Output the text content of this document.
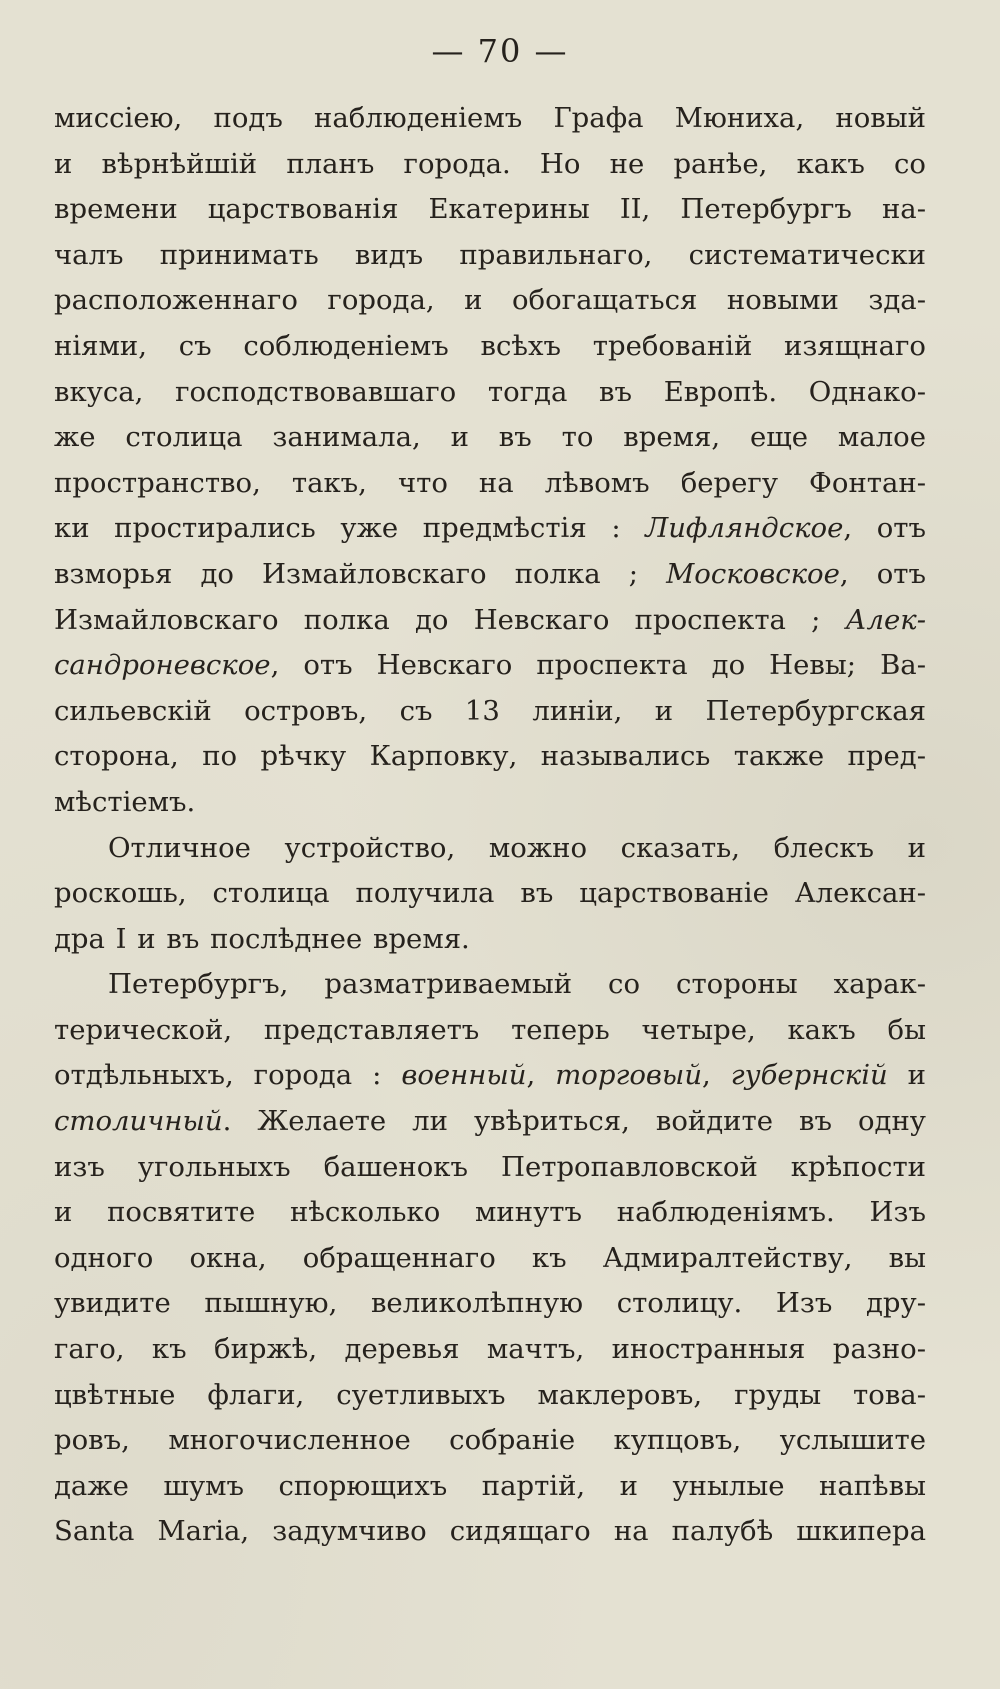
— 70 —
миссiею, подъ наблюденiемъ Графа Мюниха, новый
и вѣрнѣйшiй планъ города. Но не ранѣе, какъ со
времени царствованiя Екатерины II, Петербургъ на-
чалъ принимать видъ правильнаго, систематически
расположеннаго города, и обогащаться новыми зда-
нiями, съ соблюденiемъ всѣхъ требованiй изящнаго
вкуса, господствовавшаго тогда въ Европѣ. Однако-
же столица занимала, и въ то время, еще малое
пространство, такъ, что на лѣвомъ берегу Фонтан-
ки простирались уже предмѣстiя : Лифляндское, отъ
взморья до Измайловскаго полка ; Московское, отъ
Измайловскаго полка до Невскаго проспекта ; Алек-
сандроневское, отъ Невскаго проспекта до Невы; Ва-
сильевскiй островъ, съ 13 линiи, и Петербургская
сторона, по рѣчку Карповку, назывались также пред-
мѣстiемъ.
Отличное устройство, можно сказать, блескъ и
роскошь, столица получила въ царствованiе Алексан-
дра I и въ послѣднее время.
Петербургъ, разматриваемый со стороны харак-
терической, представляетъ теперь четыре, какъ бы
отдѣльныхъ, города : военный, торговый, губернскiй и
столичный. Желаете ли увѣриться, войдите въ одну
изъ угольныхъ башенокъ Петропавловской крѣпости
и посвятите нѣсколько минутъ наблюденiямъ. Изъ
одного окна, обращеннаго къ Адмиралтейству, вы
увидите пышную, великолѣпную столицу. Изъ дру-
гаго, къ биржѣ, деревья мачтъ, иностранныя разно-
цвѣтные флаги, суетливыхъ маклеровъ, груды това-
ровъ, многочисленное собранiе купцовъ, услышите
даже шумъ спорющихъ партiй, и унылые напѣвы
Santa Maria, задумчиво сидящаго на палубѣ шкипера
